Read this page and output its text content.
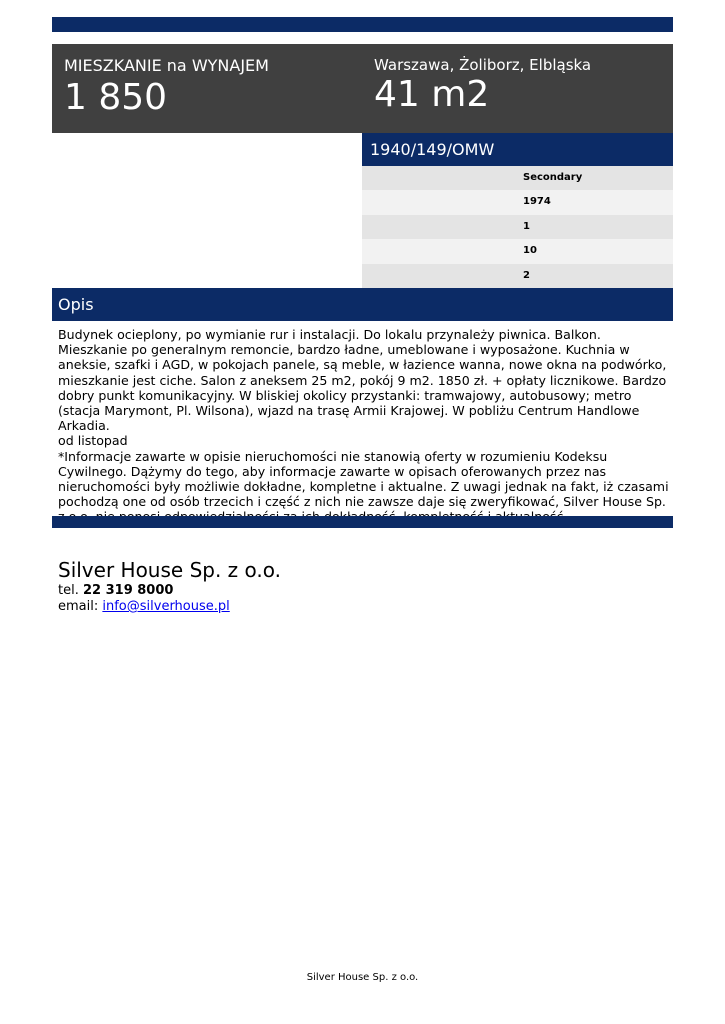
MIESZKANIE na WYNAJEM
1 850
Warszawa, Żoliborz, Elbląska
41 m2
1940/149/OMW
Secondary
1974
1
10
2
Opis

Budynek ocieplony, po wymianie rur i instalacji. Do lokalu przynależy piwnica. Balkon. Mieszkanie po generalnym remoncie, bardzo ładne, umeblowane i wyposażone. Kuchnia w aneksie, szafki i AGD, w pokojach panele, są meble, w łazience wanna, nowe okna na podwórko, mieszkanie jest ciche. Salon z aneksem 25 m2, pokój 9 m2. 1850 zł. + opłaty licznikowe. Bardzo dobry punkt komunikacyjny. W bliskiej okolicy przystanki: tramwajowy, autobusowy; metro (stacja Marymont, Pl. Wilsona), wjazd na trasę Armii Krajowej. W pobliżu Centrum Handlowe Arkadia.

od listopad

*Informacje zawarte w opisie nieruchomości nie stanowią oferty w rozumieniu Kodeksu Cywilnego. Dążymy do tego, aby informacje zawarte w opisach oferowanych przez nas nieruchomości były możliwie dokładne, kompletne i aktualne. Z uwagi jednak na fakt, iż czasami pochodzą one od osób trzecich i część z nich nie zawsze daje się zweryfikować, Silver House Sp.

Silver House Sp. z o.o.
tel. 22 319 8000
email: info@silverhouse.pl
Silver House Sp. z o.o.
